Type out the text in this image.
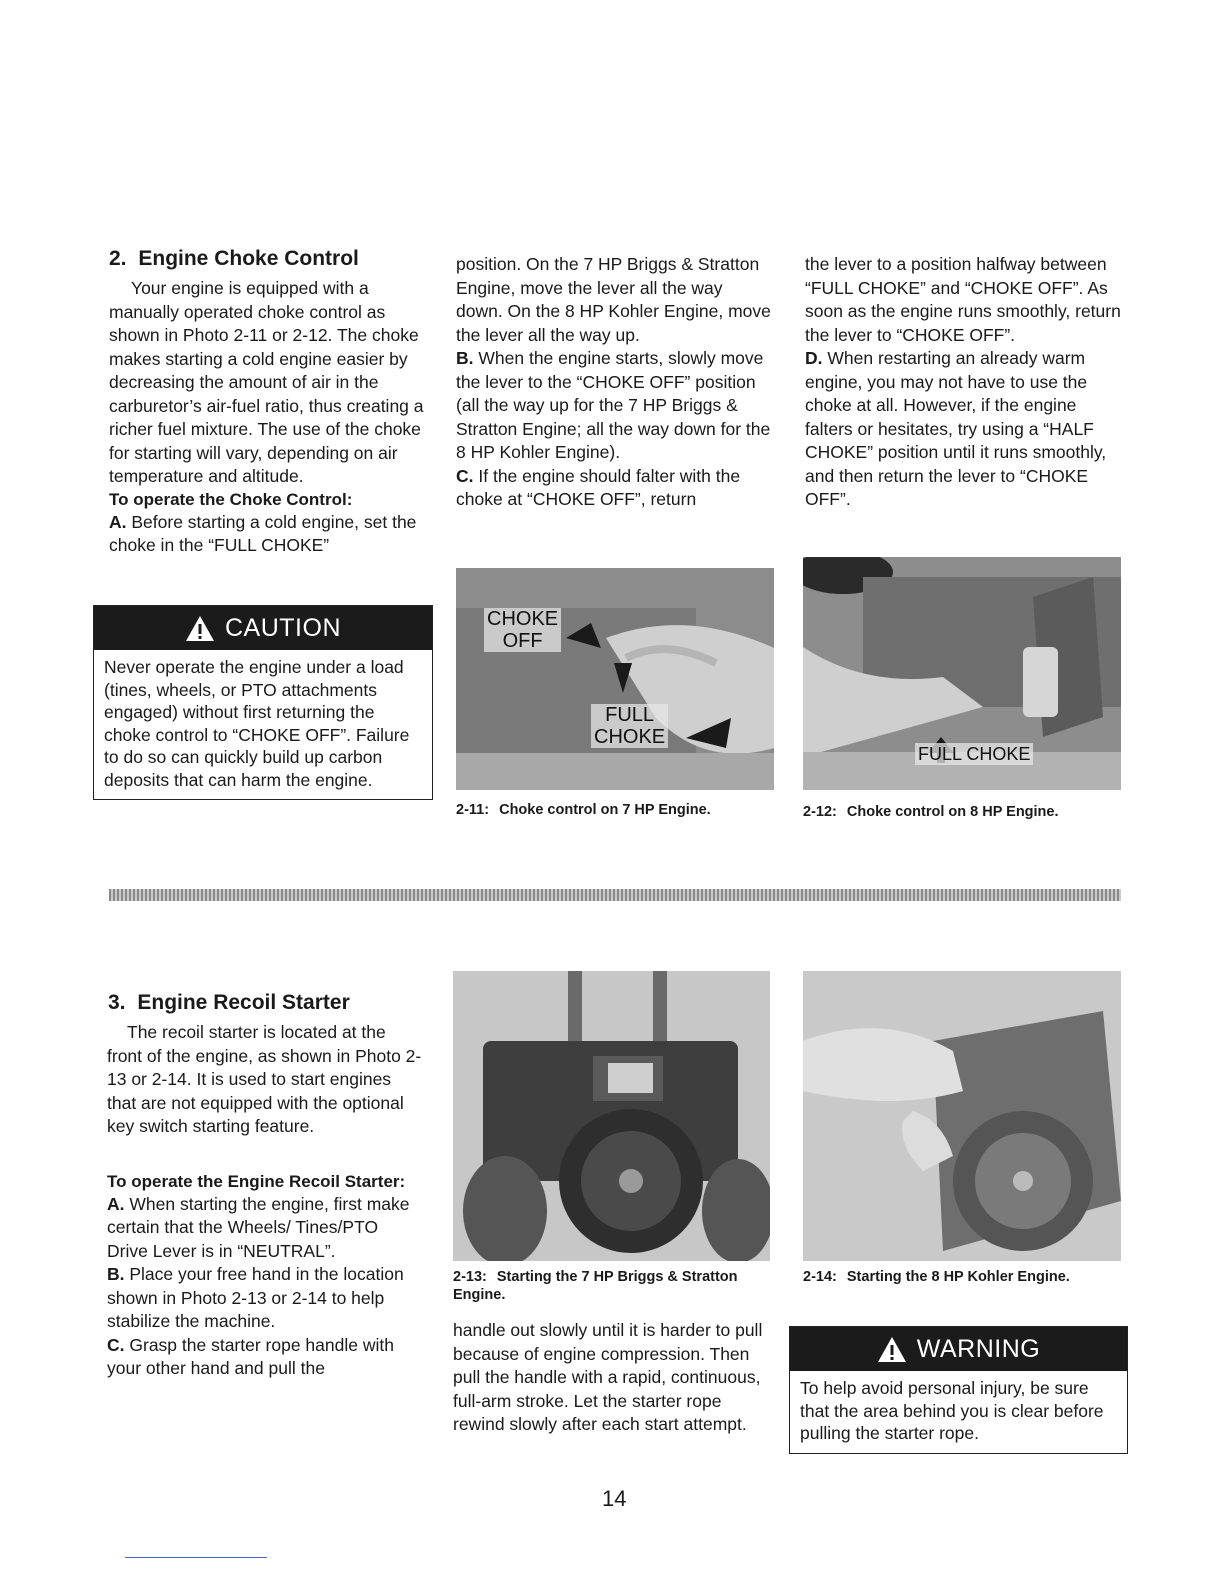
2. Engine Choke Control

Your engine is equipped with a manually operated choke control as shown in Photo 2-11 or 2-12. The choke makes starting a cold engine easier by decreasing the amount of air in the carburetor’s air-fuel ratio, thus creating a richer fuel mixture. The use of the choke for starting will vary, depending on air temperature and altitude.

To operate the Choke Control:

A. Before starting a cold engine, set the choke in the “FULL CHOKE”

position. On the 7 HP Briggs & Stratton Engine, move the lever all the way down. On the 8 HP Kohler Engine, move the lever all the way up.

B. When the engine starts, slowly move the lever to the “CHOKE OFF” position (all the way up for the 7 HP Briggs & Stratton Engine; all the way down for the 8 HP Kohler Engine).

C. If the engine should falter with the choke at “CHOKE OFF”, return

the lever to a position halfway between “FULL CHOKE” and “CHOKE OFF”. As soon as the engine runs smoothly, return the lever to “CHOKE OFF”.

D. When restarting an already warm engine, you may not have to use the choke at all. However, if the engine falters or hesitates, try using a “HALF CHOKE” position until it runs smoothly, and then return the lever to “CHOKE OFF”.

CAUTION
Never operate the engine under a load (tines, wheels, or PTO attachments engaged) without first returning the choke control to “CHOKE OFF”. Failure to do so can quickly build up carbon deposits that can harm the engine.
CHOKE
OFF
FULL
CHOKE
2-11: Choke control on 7 HP Engine.
FULL CHOKE
2-12: Choke control on 8 HP Engine.
3. Engine Recoil Starter

The recoil starter is located at the front of the engine, as shown in Photo 2-13 or 2-14. It is used to start engines that are not equipped with the optional key switch starting feature.

To operate the Engine Recoil Starter:

A. When starting the engine, first make certain that the Wheels/ Tines/PTO Drive Lever is in “NEUTRAL”.

B. Place your free hand in the location shown in Photo 2-13 or 2-14 to help stabilize the machine.

C. Grasp the starter rope handle with your other hand and pull the

2-13: Starting the 7 HP Briggs & Stratton Engine.

handle out slowly until it is harder to pull because of engine compression. Then pull the handle with a rapid, continuous, full-arm stroke. Let the starter rope rewind slowly after each start attempt.

2-14: Starting the 8 HP Kohler Engine.
WARNING
To help avoid personal injury, be sure that the area behind you is clear before pulling the starter rope.
14
